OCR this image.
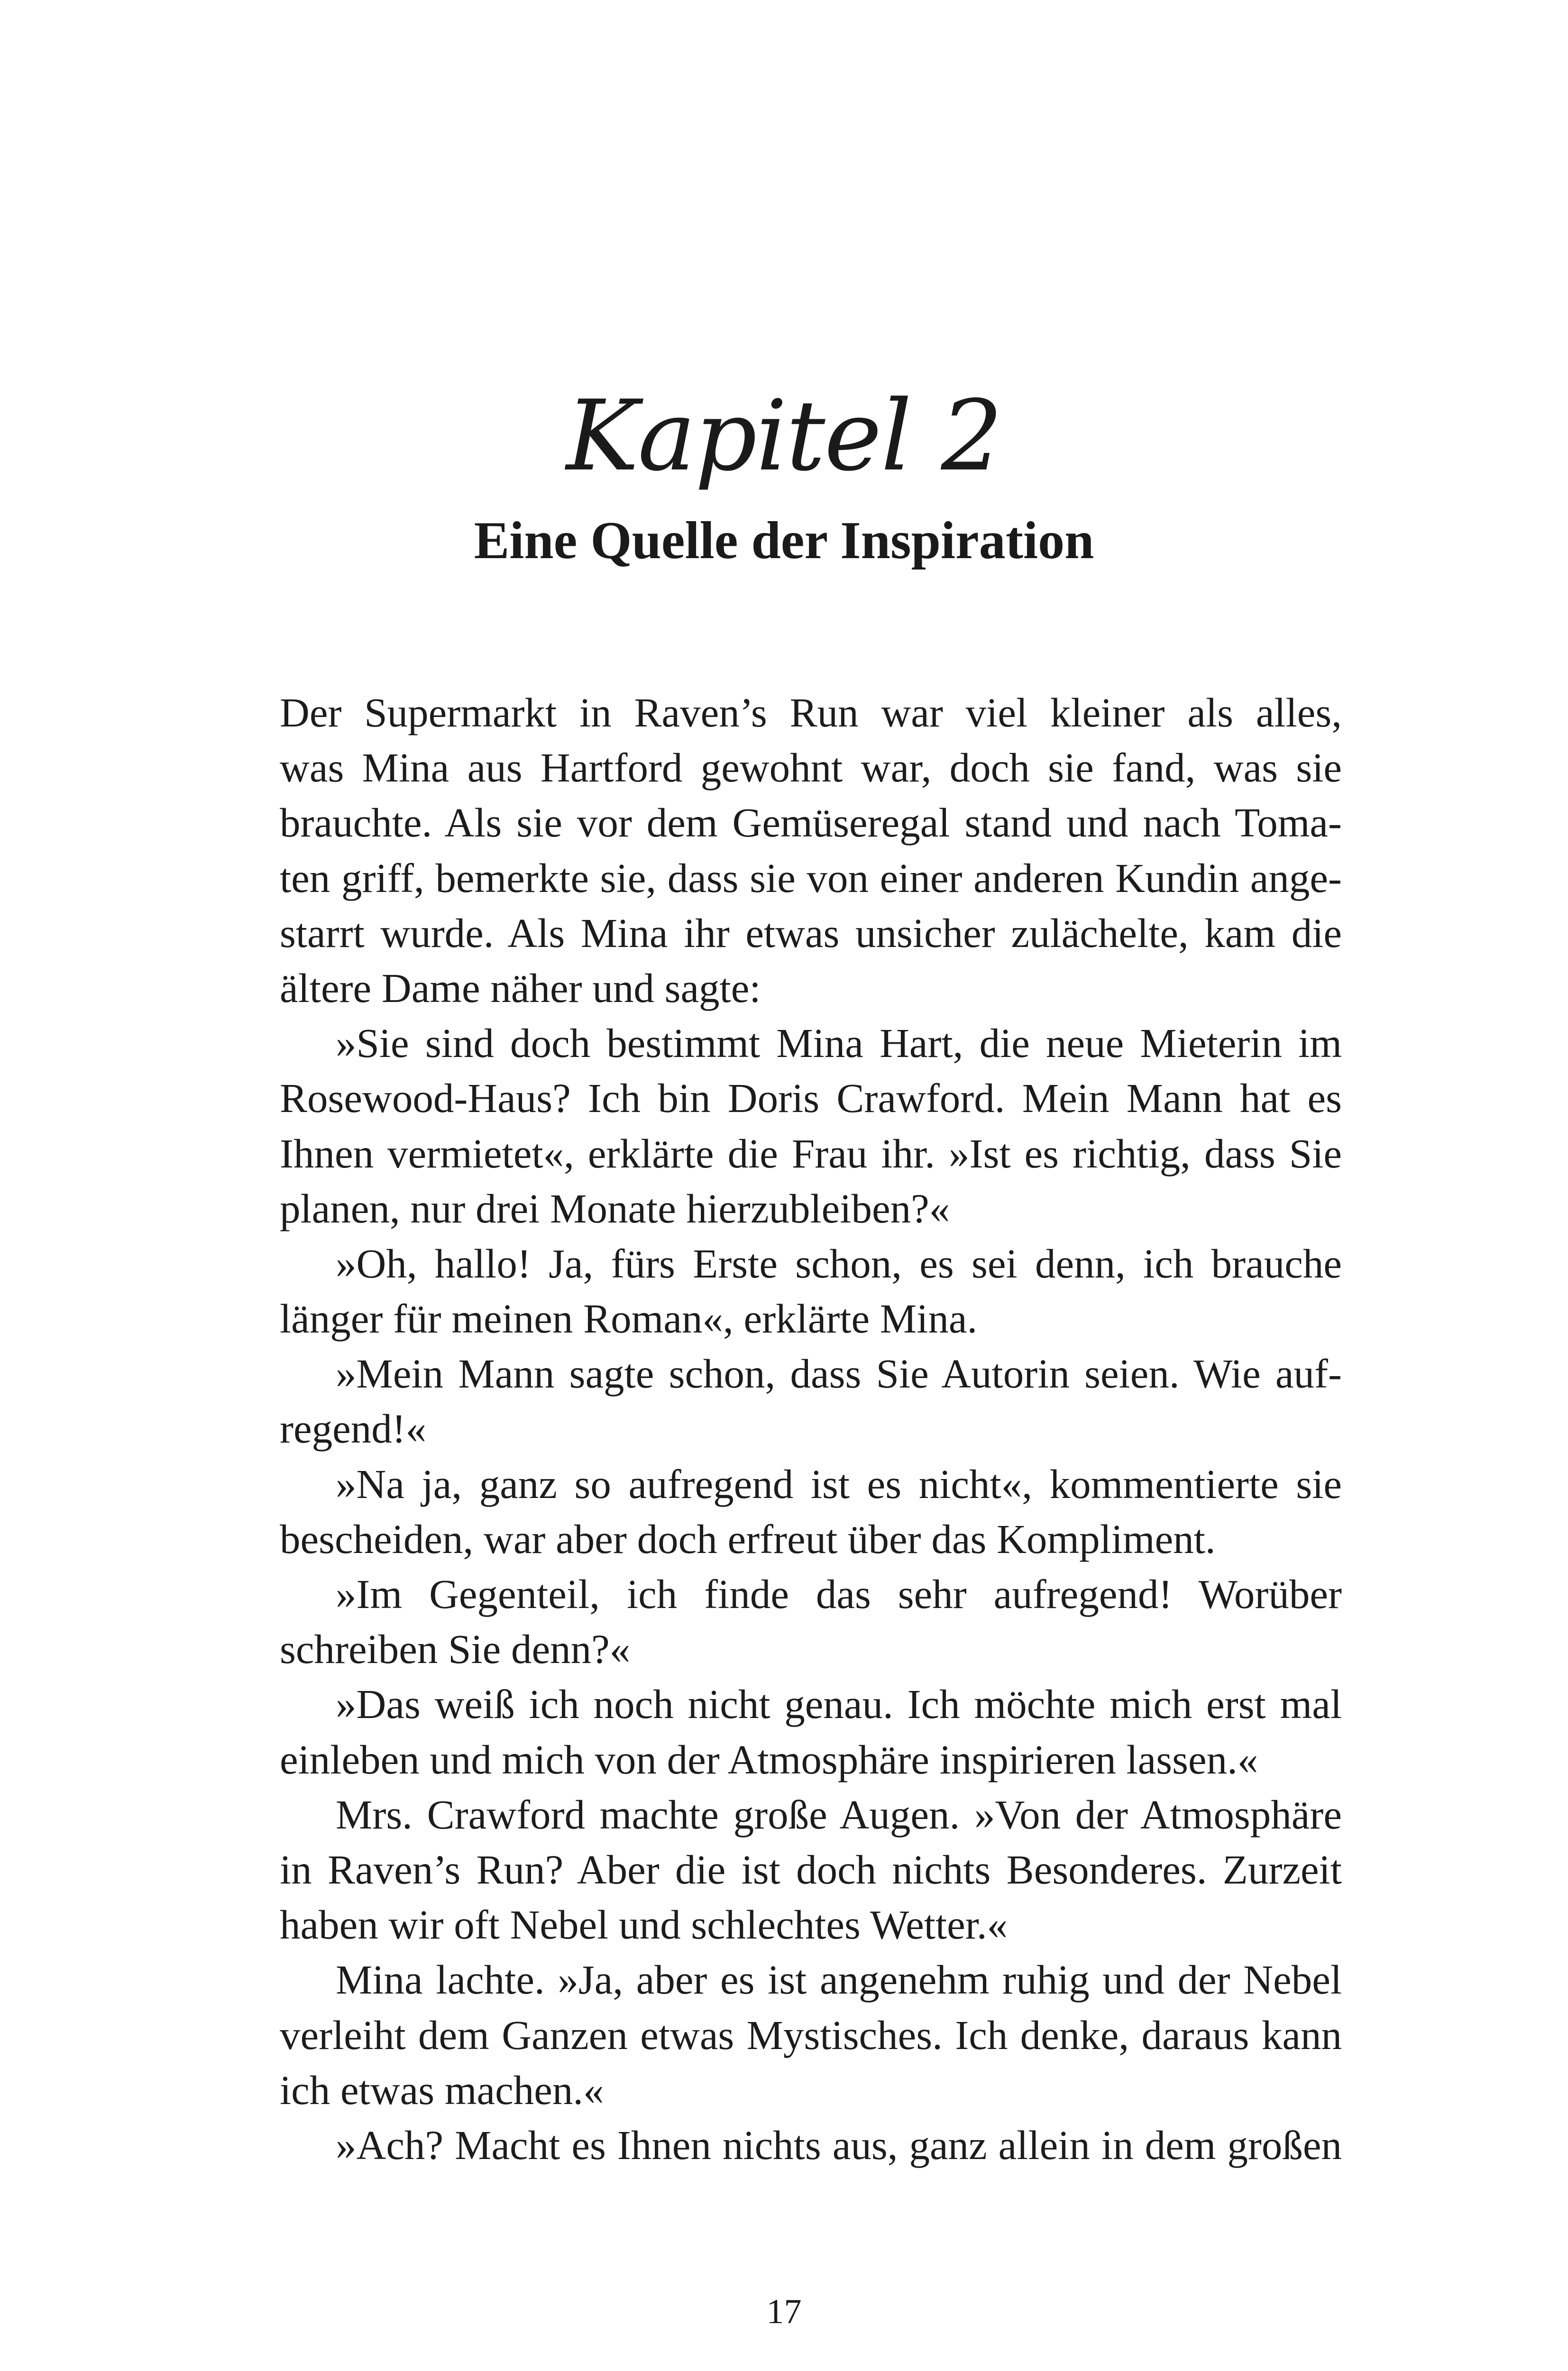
Kapitel 2
Eine Quelle der Inspiration
Der Supermarkt in Raven’s Run war viel kleiner als alles,
was Mina aus Hartford gewohnt war, doch sie fand, was sie
brauchte. Als sie vor dem Gemüseregal stand und nach Toma-
ten griff, bemerkte sie, dass sie von einer anderen Kundin ange-
starrt wurde. Als Mina ihr etwas unsicher zulächelte, kam die
ältere Dame näher und sagte:
»Sie sind doch bestimmt Mina Hart, die neue Mieterin im
Rosewood-Haus? Ich bin Doris Crawford. Mein Mann hat es
Ihnen vermietet«, erklärte die Frau ihr. »Ist es richtig, dass Sie
planen, nur drei Monate hierzubleiben?«
»Oh, hallo! Ja, fürs Erste schon, es sei denn, ich brauche
länger für meinen Roman«, erklärte Mina.
»Mein Mann sagte schon, dass Sie Autorin seien. Wie auf-
regend!«
»Na ja, ganz so aufregend ist es nicht«, kommentierte sie
bescheiden, war aber doch erfreut über das Kompliment.
»Im Gegenteil, ich finde das sehr aufregend! Worüber
schreiben Sie denn?«
»Das weiß ich noch nicht genau. Ich möchte mich erst mal
einleben und mich von der Atmosphäre inspirieren lassen.«
Mrs. Crawford machte große Augen. »Von der Atmosphäre
in Raven’s Run? Aber die ist doch nichts Besonderes. Zurzeit
haben wir oft Nebel und schlechtes Wetter.«
Mina lachte. »Ja, aber es ist angenehm ruhig und der Nebel
verleiht dem Ganzen etwas Mystisches. Ich denke, daraus kann
ich etwas machen.«
»Ach? Macht es Ihnen nichts aus, ganz allein in dem großen
17
